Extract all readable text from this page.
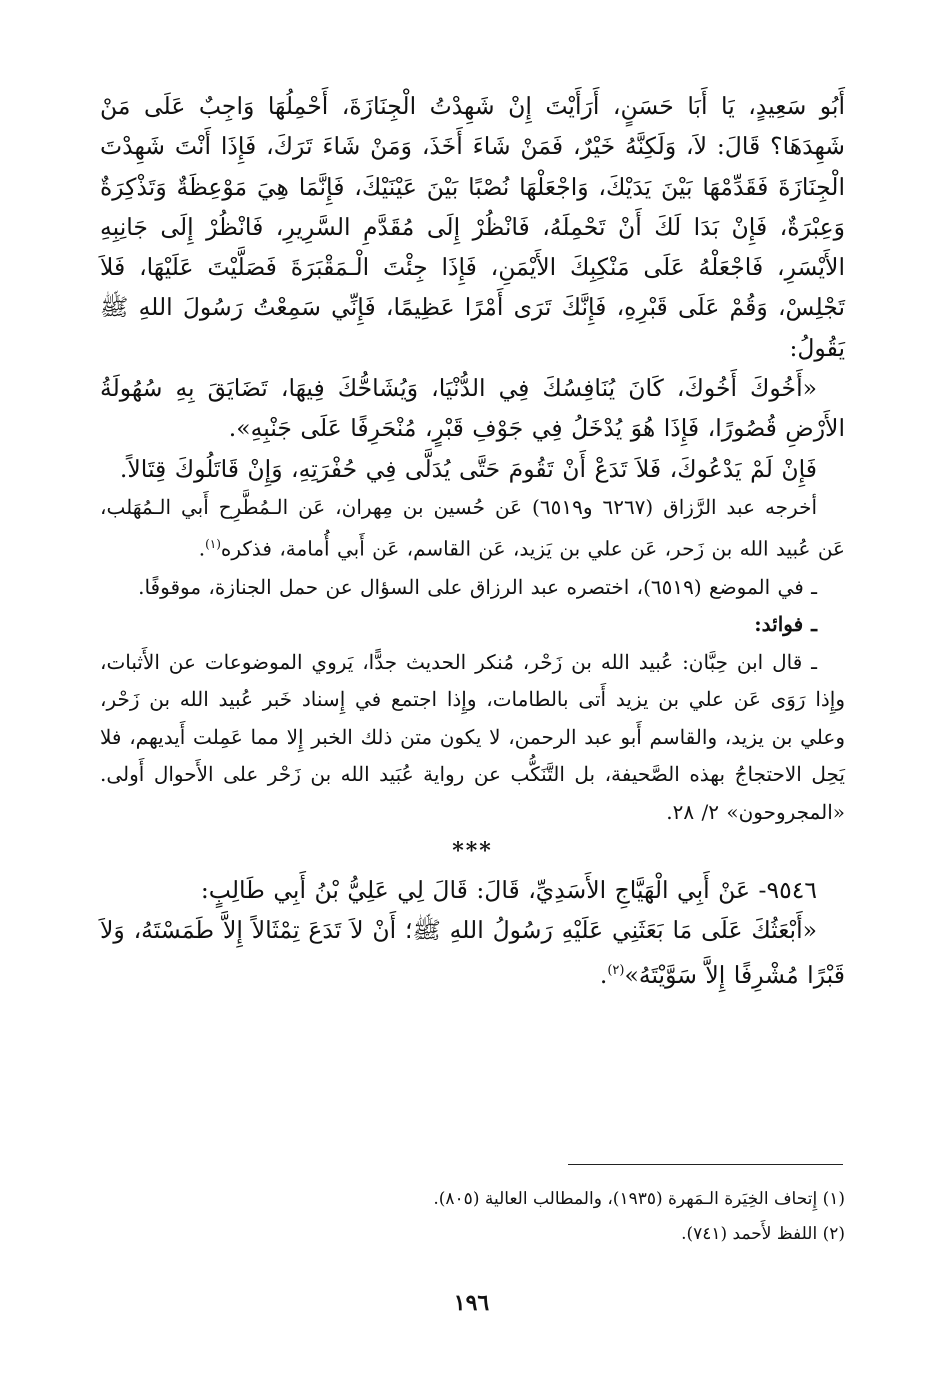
أَبُو سَعِيدٍ، يَا أَبَا حَسَنٍ، أَرَأَيْتَ إِنْ شَهِدْتُ الْجِنَازَةَ، أَحْمِلُهَا وَاجِبٌ عَلَى مَنْ شَهِدَهَا؟ قَالَ: لاَ، وَلَكِنَّهُ خَيْرٌ، فَمَنْ شَاءَ أَخَذَ، وَمَنْ شَاءَ تَرَكَ، فَإِذَا أَنْتَ شَهِدْتَ الْجِنَازَةَ فَقَدِّمْهَا بَيْنَ يَدَيْكَ، وَاجْعَلْهَا نُصْبًا بَيْنَ عَيْنَيْكَ، فَإِنَّمَا هِيَ مَوْعِظَةٌ وَتَذْكِرَةٌ وَعِبْرَةٌ، فَإِنْ بَدَا لَكَ أَنْ تَحْمِلَهُ، فَانْظُرْ إِلَى مُقَدَّمِ السَّرِيرِ، فَانْظُرْ إِلَى جَانِبِهِ الأَيْسَرِ، فَاجْعَلْهُ عَلَى مَنْكِبِكَ الأَيْمَنِ، فَإِذَا جِئْتَ الْـمَقْبَرَةَ فَصَلَّيْتَ عَلَيْهَا، فَلاَ تَجْلِسْ، وَقُمْ عَلَى قَبْرِهِ، فَإِنَّكَ تَرَى أَمْرًا عَظِيمًا، فَإِنِّي سَمِعْتُ رَسُولَ اللهِ ﷺ يَقُولُ:

«أَخُوكَ أَخُوكَ، كَانَ يُنَافِسُكَ فِي الدُّنْيَا، وَيُشَاحُّكَ فِيهَا، تَضَايَقَ بِهِ سُهُولَةُ الأَرْضِ قُصُورًا، فَإِذَا هُوَ يُدْخَلُ فِي جَوْفِ قَبْرٍ، مُنْحَرِفًا عَلَى جَنْبِهِ».

فَإِنْ لَمْ يَدْعُوكَ، فَلاَ تَدَعْ أَنْ تَقُومَ حَتَّى يُدَلَّى فِي حُفْرَتِهِ، وَإِنْ قَاتَلُوكَ قِتَالاً.

أخرجه عبد الرَّزاق (٦٢٦٧ و٦٥١٩) عَن حُسين بن مِهران، عَن الـمُطَّرِح أَبي الـمُهَلب، عَن عُبيد الله بن زَحر، عَن علي بن يَزيد، عَن القاسم، عَن أَبي أُمامة، فذكره$^{(١)}$.

ـ في الموضع (٦٥١٩)، اختصره عبد الرزاق على السؤال عن حمل الجنازة، موقوفًا.

ـ فوائد:

ـ قال ابن حِبَّان: عُبيد الله بن زَحْر، مُنكر الحديث جدًّا، يَروي الموضوعات عن الأَثبات، وإِذا رَوَى عَن علي بن يزيد أَتى بالطامات، وإِذا اجتمع في إِسناد خَبر عُبيد الله بن زَحْر، وعلي بن يزيد، والقاسم أَبو عبد الرحمن، لا يكون متن ذلك الخبر إِلا مما عَمِلت أَيديهم، فلا يَحِل الاحتجاجُ بهذه الصَّحيفة، بل التَّنَكُّب عن رواية عُبَيد الله بن زَحْر على الأَحوال أَولى. «المجروحون» ٢/ ٢٨.

***

٩٥٤٦- عَنْ أَبِي الْهَيَّاجِ الأَسَدِيِّ، قَالَ: قَالَ لِي عَلِيُّ بْنُ أَبِي طَالِبٍ:

«أَبْعَثُكَ عَلَى مَا بَعَثَنِي عَلَيْهِ رَسُولُ اللهِ ﷺ؛ أَنْ لاَ تَدَعَ تِمْثَالاً إِلاَّ طَمَسْتَهُ، وَلاَ قَبْرًا مُشْرِفًا إِلاَّ سَوَّيْتَهُ»$^{(٢)}$.

(١) إِتحاف الخِيَرة الـمَهرة (١٩٣٥)، والمطالب العالية (٨٠٥).

(٢) اللفظ لأَحمد (٧٤١).

١٩٦
